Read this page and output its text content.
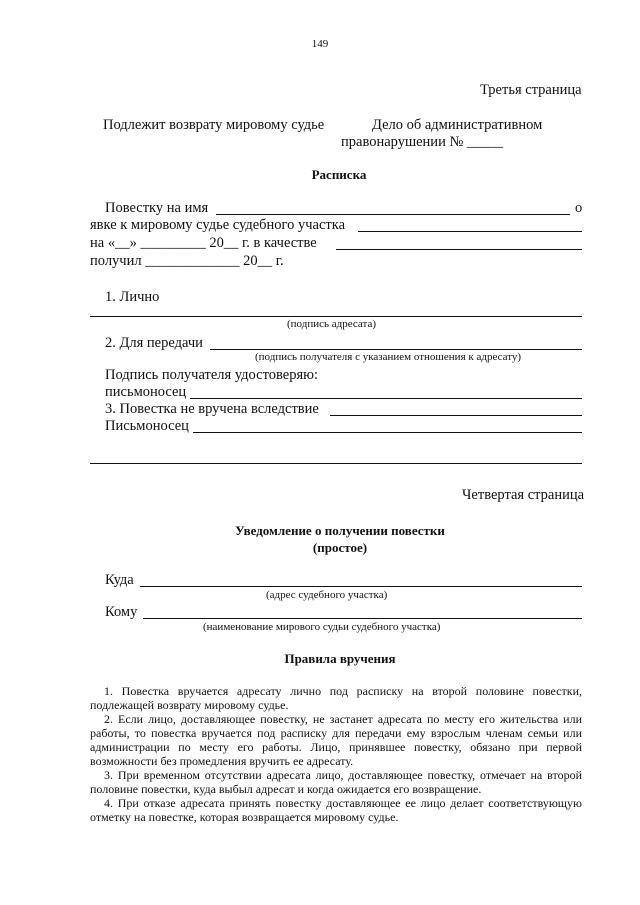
149
Третья страница
Подлежит возврату мировому судье	Дело об административном
правонарушении № _____
Расписка
Повестку на имя	о
явке к мировому судье судебного участка
на «__» _________ 20__ г. в качестве
получил _____________ 20__ г.
1. Лично
(подпись адресата)
2. Для передачи
(подпись получателя с указанием отношения к адресату)
Подпись получателя удостоверяю:
письмоносец
3. Повестка не вручена вследствие
Письмоносец
Четвертая страница
Уведомление о получении повестки
(простое)
Куда
(адрес судебного участка)
Кому
(наименование мирового судьи судебного участка)
Правила вручения

1. Повестка вручается адресату лично под расписку на второй половине повестки, подлежащей возврату мировому судье.

2. Если лицо, доставляющее повестку, не застанет адресата по месту его жительства или работы, то повестка вручается под расписку для передачи ему взрослым членам семьи или администрации по месту его работы. Лицо, принявшее повестку, обязано при первой возможности без промедления вручить ее адресату.

3. При временном отсутствии адресата лицо, доставляющее повестку, отмечает на второй половине повестки, куда выбыл адресат и когда ожидается его возвращение.

4. При отказе адресата принять повестку доставляющее ее лицо делает соответствующую отметку на повестке, которая возвращается мировому судье.
